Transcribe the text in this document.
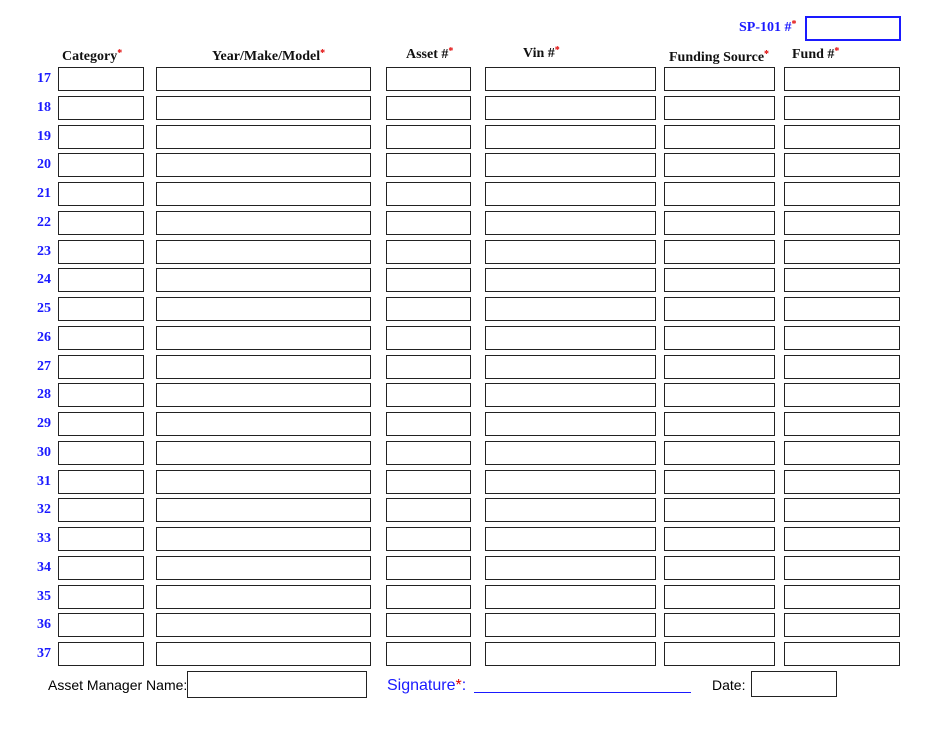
SP-101 #*
Category*	Year/Make/Model*	Asset #*	Vin #*	Funding Source* Fund #*
17
18
19
20
21
22
23
24
25
26
27
28
29
30
31
32
33
34
35
36
37
Asset Manager Name:	Signature*:	Date:
